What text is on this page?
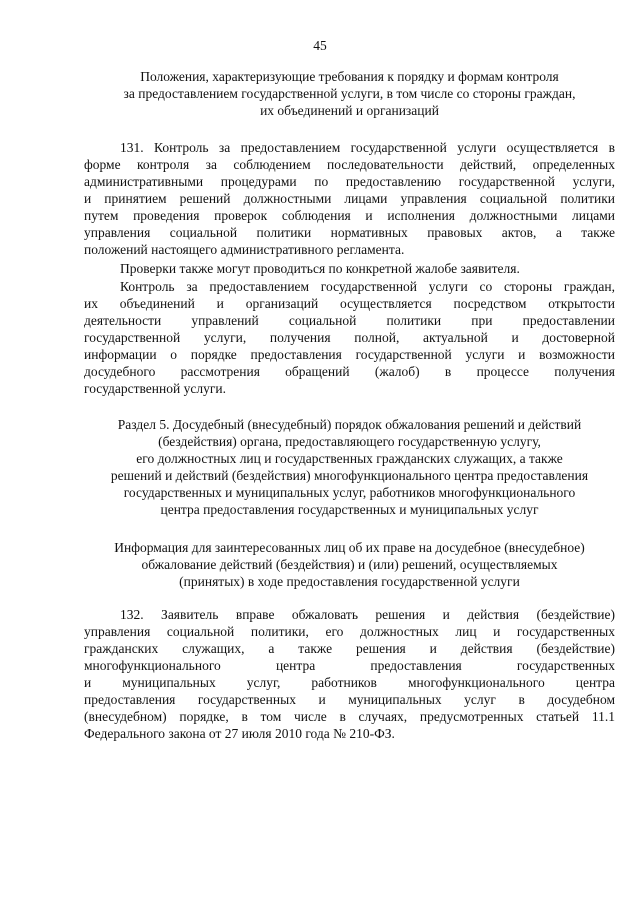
45
Положения, характеризующие требования к порядку и формам контроля
за предоставлением государственной услуги, в том числе со стороны граждан,
их объединений и организаций
131. Контроль за предоставлением государственной услуги осуществляется в
форме контроля за соблюдением последовательности действий, определенных
административными процедурами по предоставлению государственной услуги,
и принятием решений должностными лицами управления социальной политики
путем проведения проверок соблюдения и исполнения должностными лицами
управления социальной политики нормативных правовых актов, а также
положений настоящего административного регламента.
Проверки также могут проводиться по конкретной жалобе заявителя.
Контроль за предоставлением государственной услуги со стороны граждан,
их объединений и организаций осуществляется посредством открытости
деятельности управлений социальной политики при предоставлении
государственной услуги, получения полной, актуальной и достоверной
информации о порядке предоставления государственной услуги и возможности
досудебного рассмотрения обращений (жалоб) в процессе получения
государственной услуги.
Раздел 5. Досудебный (внесудебный) порядок обжалования решений и действий
(бездействия) органа, предоставляющего государственную услугу,
его должностных лиц и государственных гражданских служащих, а также
решений и действий (бездействия) многофункционального центра предоставления
государственных и муниципальных услуг, работников многофункционального
центра предоставления государственных и муниципальных услуг
Информация для заинтересованных лиц об их праве на досудебное (внесудебное)
обжалование действий (бездействия) и (или) решений, осуществляемых
(принятых) в ходе предоставления государственной услуги
132. Заявитель вправе обжаловать решения и действия (бездействие)
управления социальной политики, его должностных лиц и государственных
гражданских служащих, а также решения и действия (бездействие)
многофункционального центра предоставления государственных
и муниципальных услуг, работников многофункционального центра
предоставления государственных и муниципальных услуг в досудебном
(внесудебном) порядке, в том числе в случаях, предусмотренных статьей 11.1
Федерального закона от 27 июля 2010 года № 210-ФЗ.
